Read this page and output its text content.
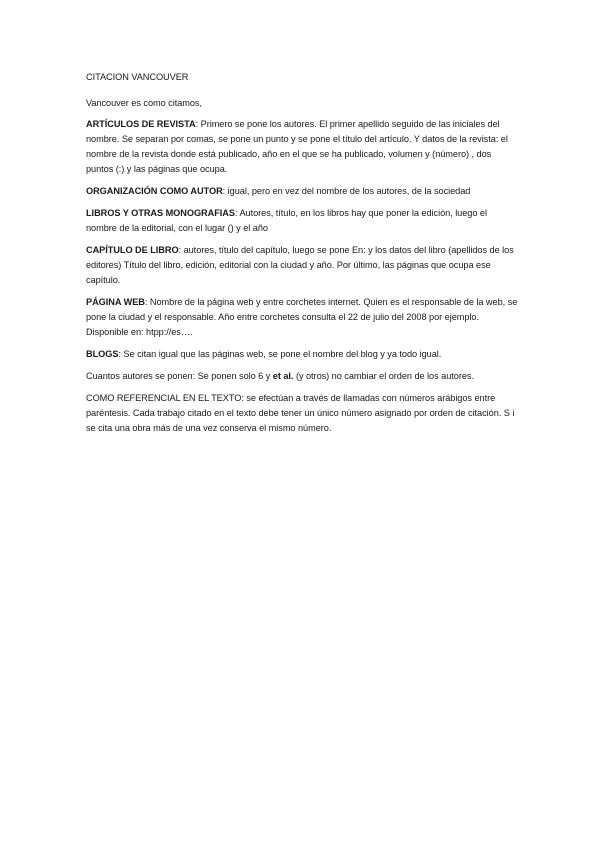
CITACION VANCOUVER

Vancouver es como citamos,

ARTÍCULOS DE REVISTA: Primero se pone los autores. El primer apellido seguido de las iniciales del nombre. Se separan por comas, se pone un punto y se pone el título del artículo. Y datos de la revista: el nombre de la revista donde está publicado, año en el que se ha publicado, volumen y (número) , dos puntos (:) y las páginas que ocupa.

ORGANIZACIÓN COMO AUTOR: igual, pero en vez del nombre de los autores, de la sociedad

LIBROS Y OTRAS MONOGRAFIAS: Autores, título, en los libros hay que poner la edición, luego el nombre de la editorial, con el lugar () y el año

CAPÍTULO DE LIBRO: autores, título del capítulo, luego se pone En: y los datos del libro (apellidos de los editores) Título del libro, edición, editorial con la ciudad y año. Por último, las páginas que ocupa ese capítulo.

PÁGINA WEB: Nombre de la página web y entre corchetes internet. Quien es el responsable de la web, se pone la ciudad y el responsable. Año entre corchetes consulta el 22 de julio del 2008 por ejemplo. Disponible en: htpp://es….

BLOGS: Se citan igual que las páginas web, se pone el nombre del blog y ya todo igual.

Cuantos autores se ponen: Se ponen solo 6 y et al. (y otros) no cambiar el orden de los autores.

COMO REFERENCIAL EN EL TEXTO: se efectúan a través de llamadas con números arábigos entre paréntesis. Cada trabajo citado en el texto debe tener un único número asignado por orden de citación. S i se cita una obra más de una vez conserva el mismo número.
